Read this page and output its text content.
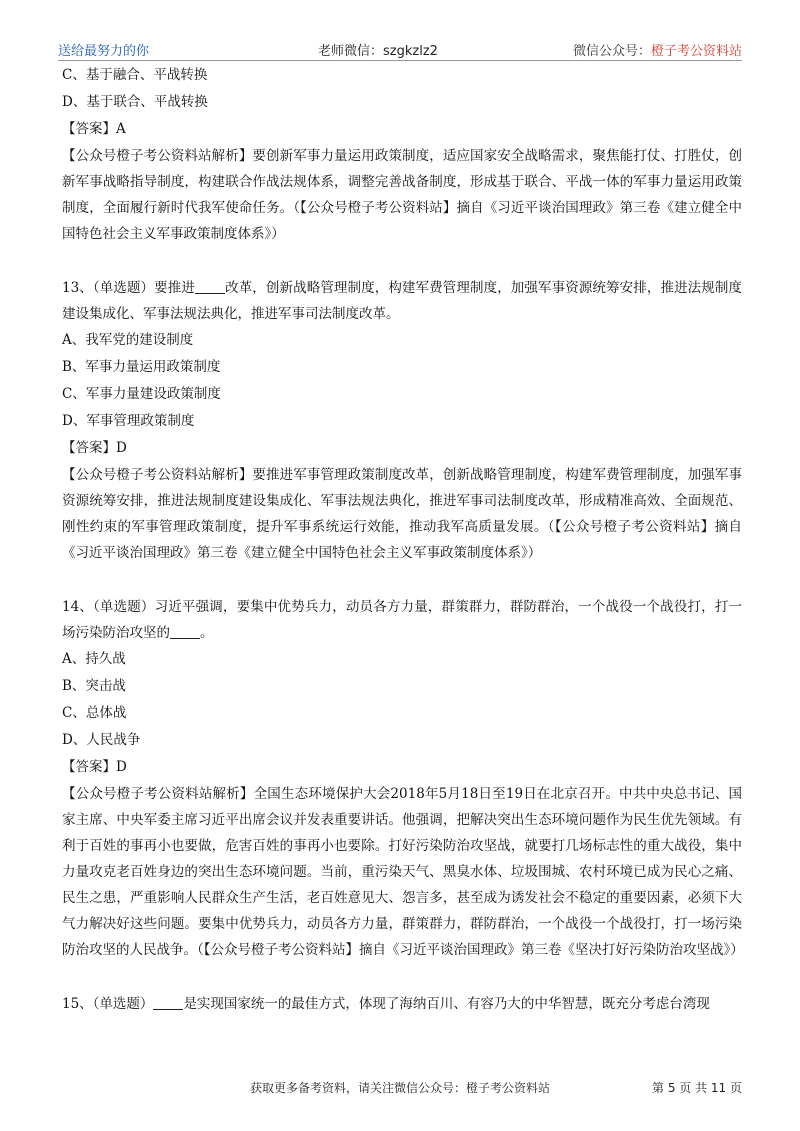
送给最努力的你	老师微信：szgkzlz2	微信公众号：橙子考公资料站
C、基于融合、平战转换
D、基于联合、平战转换
【答案】A
【公众号橙子考公资料站解析】要创新军事力量运用政策制度，适应国家安全战略需求，聚焦能打仗、打胜仗，创新军事战略指导制度，构建联合作战法规体系，调整完善战备制度，形成基于联合、平战一体的军事力量运用政策制度，全面履行新时代我军使命任务。（【公众号橙子考公资料站】摘自《习近平谈治国理政》第三卷《建立健全中国特色社会主义军事政策制度体系》）
13、（单选题）要推进 改革，创新战略管理制度，构建军费管理制度，加强军事资源统筹安排，推进法规制度建设集成化、军事法规法典化，推进军事司法制度改革。
A、我军党的建设制度
B、军事力量运用政策制度
C、军事力量建设政策制度
D、军事管理政策制度
【答案】D
【公众号橙子考公资料站解析】要推进军事管理政策制度改革，创新战略管理制度，构建军费管理制度，加强军事资源统筹安排，推进法规制度建设集成化、军事法规法典化，推进军事司法制度改革，形成精准高效、全面规范、刚性约束的军事管理政策制度，提升军事系统运行效能，推动我军高质量发展。（【公众号橙子考公资料站】摘自《习近平谈治国理政》第三卷《建立健全中国特色社会主义军事政策制度体系》）
14、（单选题）习近平强调，要集中优势兵力，动员各方力量，群策群力，群防群治，一个战役一个战役打，打一场污染防治攻坚的 。
A、持久战
B、突击战
C、总体战
D、人民战争
【答案】D
【公众号橙子考公资料站解析】全国生态环境保护大会2018年5月18日至19日在北京召开。中共中央总书记、国家主席、中央军委主席习近平出席会议并发表重要讲话。他强调，把解决突出生态环境问题作为民生优先领域。有利于百姓的事再小也要做，危害百姓的事再小也要除。打好污染防治攻坚战，就要打几场标志性的重大战役，集中力量攻克老百姓身边的突出生态环境问题。当前，重污染天气、黑臭水体、垃圾围城、农村环境已成为民心之痛、民生之患，严重影响人民群众生产生活，老百姓意见大、怨言多，甚至成为诱发社会不稳定的重要因素，必须下大气力解决好这些问题。要集中优势兵力，动员各方力量，群策群力，群防群治，一个战役一个战役打，打一场污染防治攻坚的人民战争。（【公众号橙子考公资料站】摘自《习近平谈治国理政》第三卷《坚决打好污染防治攻坚战》）
15、（单选题） 是实现国家统一的最佳方式，体现了海纳百川、有容乃大的中华智慧，既充分考虑台湾现
获取更多备考资料，请关注微信公众号：橙子考公资料站	第 5 页 共 11 页
